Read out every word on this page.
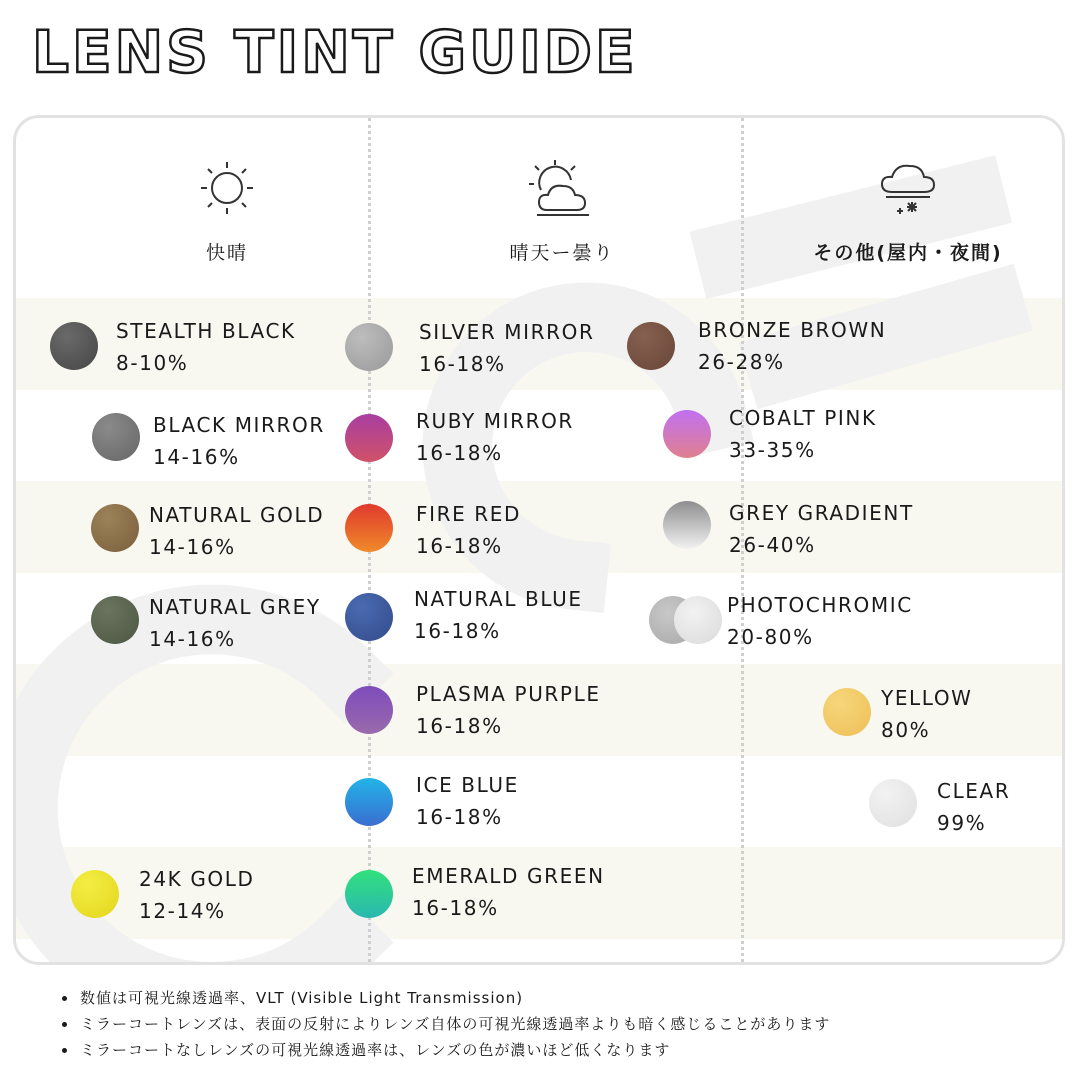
LENS TINT GUIDE
快晴	晴天ー曇り	その他(屋内・夜間)
STEALTH BLACK
8-10%
BLACK MIRROR
14-16%
NATURAL GOLD
14-16%
NATURAL GREY
14-16%
24K GOLD
12-14%
SILVER MIRROR
16-18%
RUBY MIRROR
16-18%
FIRE RED
16-18%
NATURAL BLUE
16-18%
PLASMA PURPLE
16-18%
ICE BLUE
16-18%
EMERALD GREEN
16-18%
BRONZE BROWN
26-28%
COBALT PINK
33-35%
GREY GRADIENT
26-40%
PHOTOCHROMIC
20-80%
YELLOW
80%
CLEAR
99%
数値は可視光線透過率、VLT (Visible Light Transmission)
ミラーコートレンズは、表面の反射によりレンズ自体の可視光線透過率よりも暗く感じることがあります
ミラーコートなしレンズの可視光線透過率は、レンズの色が濃いほど低くなります
